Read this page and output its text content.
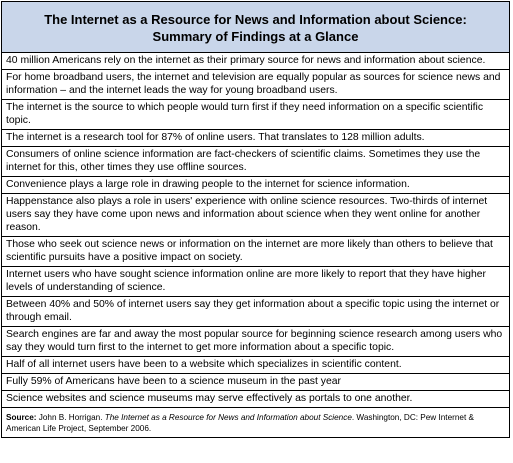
The Internet as a Resource for News and Information about Science:
Summary of Findings at a Glance
40 million Americans rely on the internet as their primary source for news and information about science.
For home broadband users, the internet and television are equally popular as sources for science news and information – and the internet leads the way for young broadband users.
The internet is the source to which people would turn first if they need information on a specific scientific topic.
The internet is a research tool for 87% of online users. That translates to 128 million adults.
Consumers of online science information are fact-checkers of scientific claims. Sometimes they use the internet for this, other times they use offline sources.
Convenience plays a large role in drawing people to the internet for science information.
Happenstance also plays a role in users' experience with online science resources. Two-thirds of internet users say they have come upon news and information about science when they went online for another reason.
Those who seek out science news or information on the internet are more likely than others to believe that scientific pursuits have a positive impact on society.
Internet users who have sought science information online are more likely to report that they have higher levels of understanding of science.
Between 40% and 50% of internet users say they get information about a specific topic using the internet or through email.
Search engines are far and away the most popular source for beginning science research among users who say they would turn first to the internet to get more information about a specific topic.
Half of all internet users have been to a website which specializes in scientific content.
Fully 59% of Americans have been to a science museum in the past year
Science websites and science museums may serve effectively as portals to one another.
Source: John B. Horrigan. The Internet as a Resource for News and Information about Science. Washington, DC: Pew Internet & American Life Project, September 2006.
